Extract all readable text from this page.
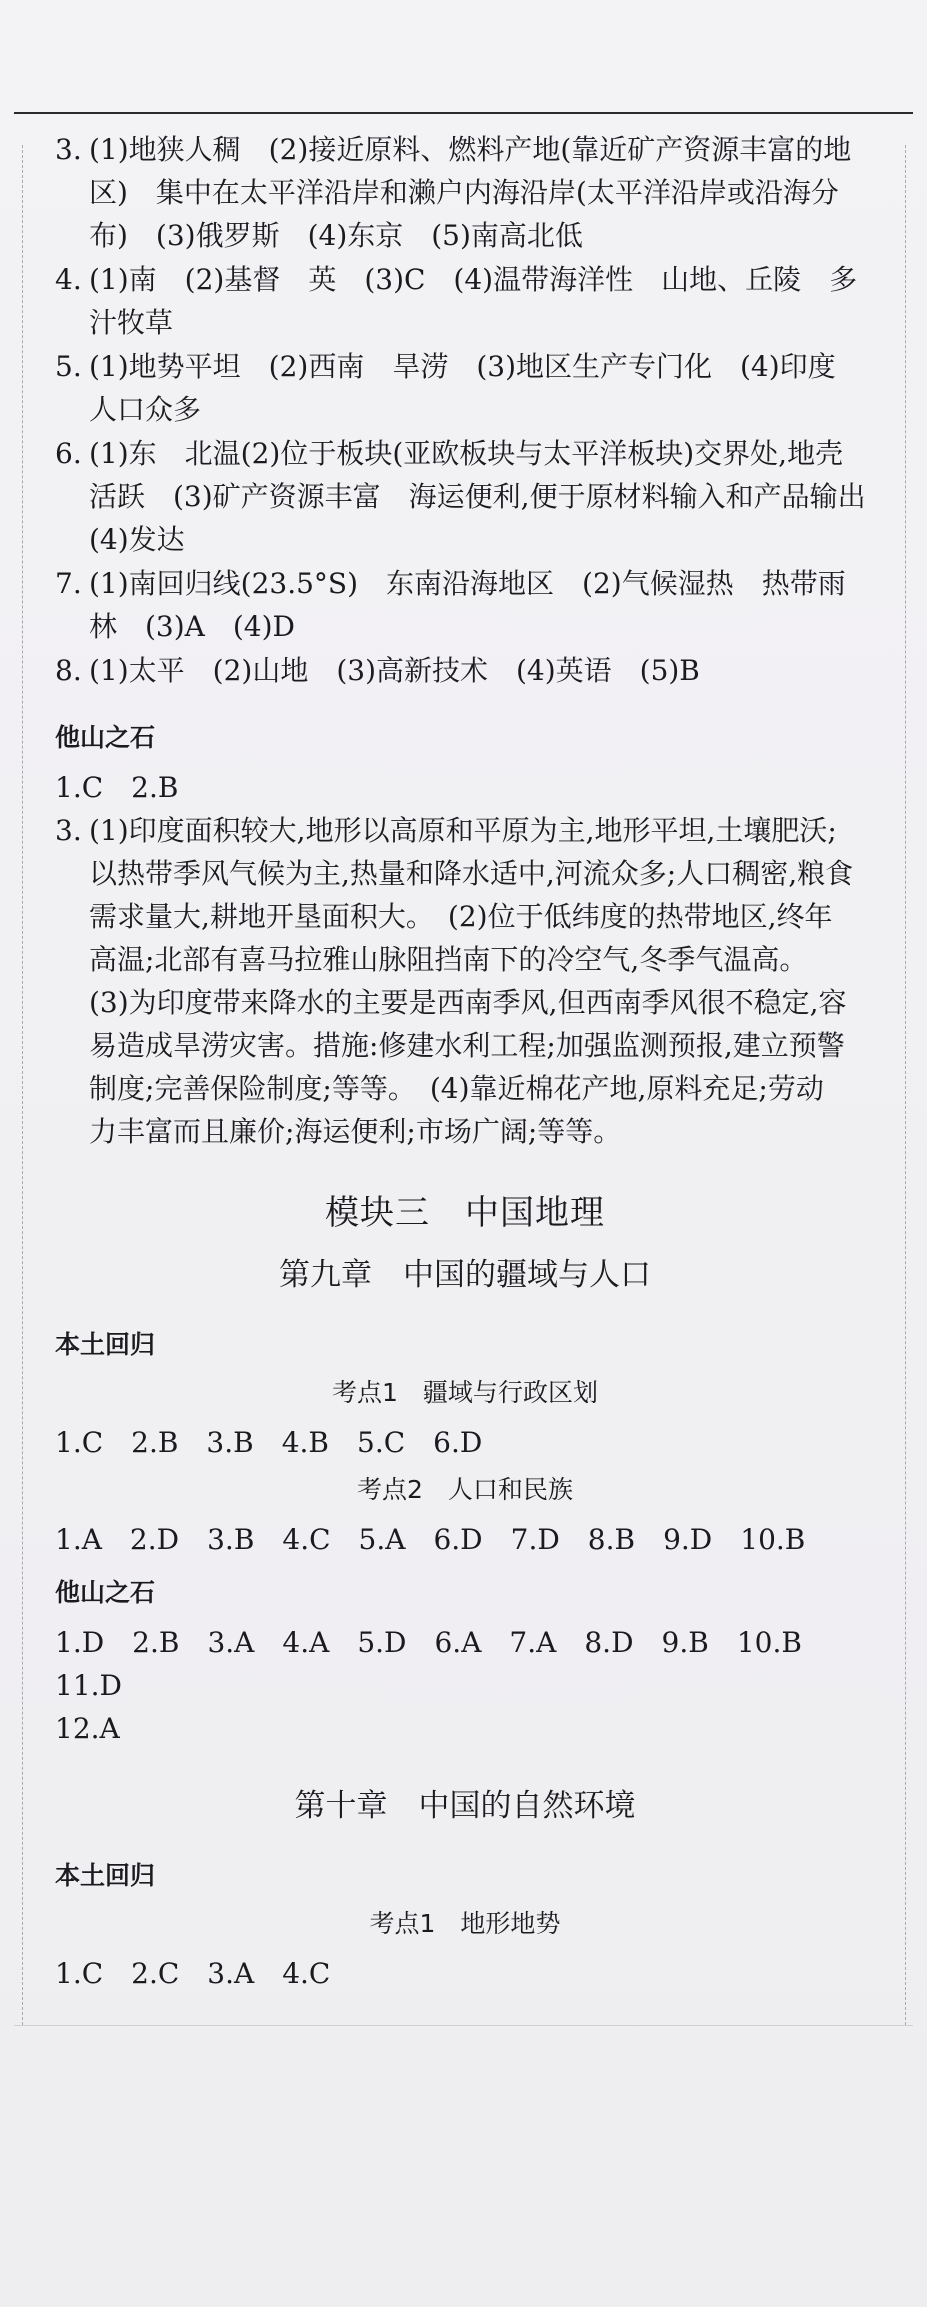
3. (1)地狭人稠　(2)接近原料、燃料产地(靠近矿产资源丰富的地
区)　集中在太平洋沿岸和濑户内海沿岸(太平洋沿岸或沿海分
布)　(3)俄罗斯　(4)东京　(5)南高北低
4. (1)南　(2)基督　英　(3)C　(4)温带海洋性　山地、丘陵　多
汁牧草
5. (1)地势平坦　(2)西南　旱涝　(3)地区生产专门化　(4)印度
人口众多
6. (1)东　北温(2)位于板块(亚欧板块与太平洋板块)交界处,地壳
活跃　(3)矿产资源丰富　海运便利,便于原材料输入和产品输出
(4)发达
7. (1)南回归线(23.5°S)　东南沿海地区　(2)气候湿热　热带雨
林　(3)A　(4)D
8. (1)太平　(2)山地　(3)高新技术　(4)英语　(5)B
他山之石
1.C　2.B
3. (1)印度面积较大,地形以高原和平原为主,地形平坦,土壤肥沃;
以热带季风气候为主,热量和降水适中,河流众多;人口稠密,粮食
需求量大,耕地开垦面积大。　(2)位于低纬度的热带地区,终年
高温;北部有喜马拉雅山脉阻挡南下的冷空气,冬季气温高。
(3)为印度带来降水的主要是西南季风,但西南季风很不稳定,容
易造成旱涝灾害。措施:修建水利工程;加强监测预报,建立预警
制度;完善保险制度;等等。　(4)靠近棉花产地,原料充足;劳动
力丰富而且廉价;海运便利;市场广阔;等等。
模块三　中国地理
第九章　中国的疆域与人口
本土回归
考点1　疆域与行政区划
1.C　2.B　3.B　4.B　5.C　6.D
考点2　人口和民族
1.A　2.D　3.B　4.C　5.A　6.D　7.D　8.B　9.D　10.B
他山之石
1.D　2.B　3.A　4.A　5.D　6.A　7.A　8.D　9.B　10.B　11.D
12.A
第十章　中国的自然环境
本土回归
考点1　地形地势
1.C　2.C　3.A　4.C
